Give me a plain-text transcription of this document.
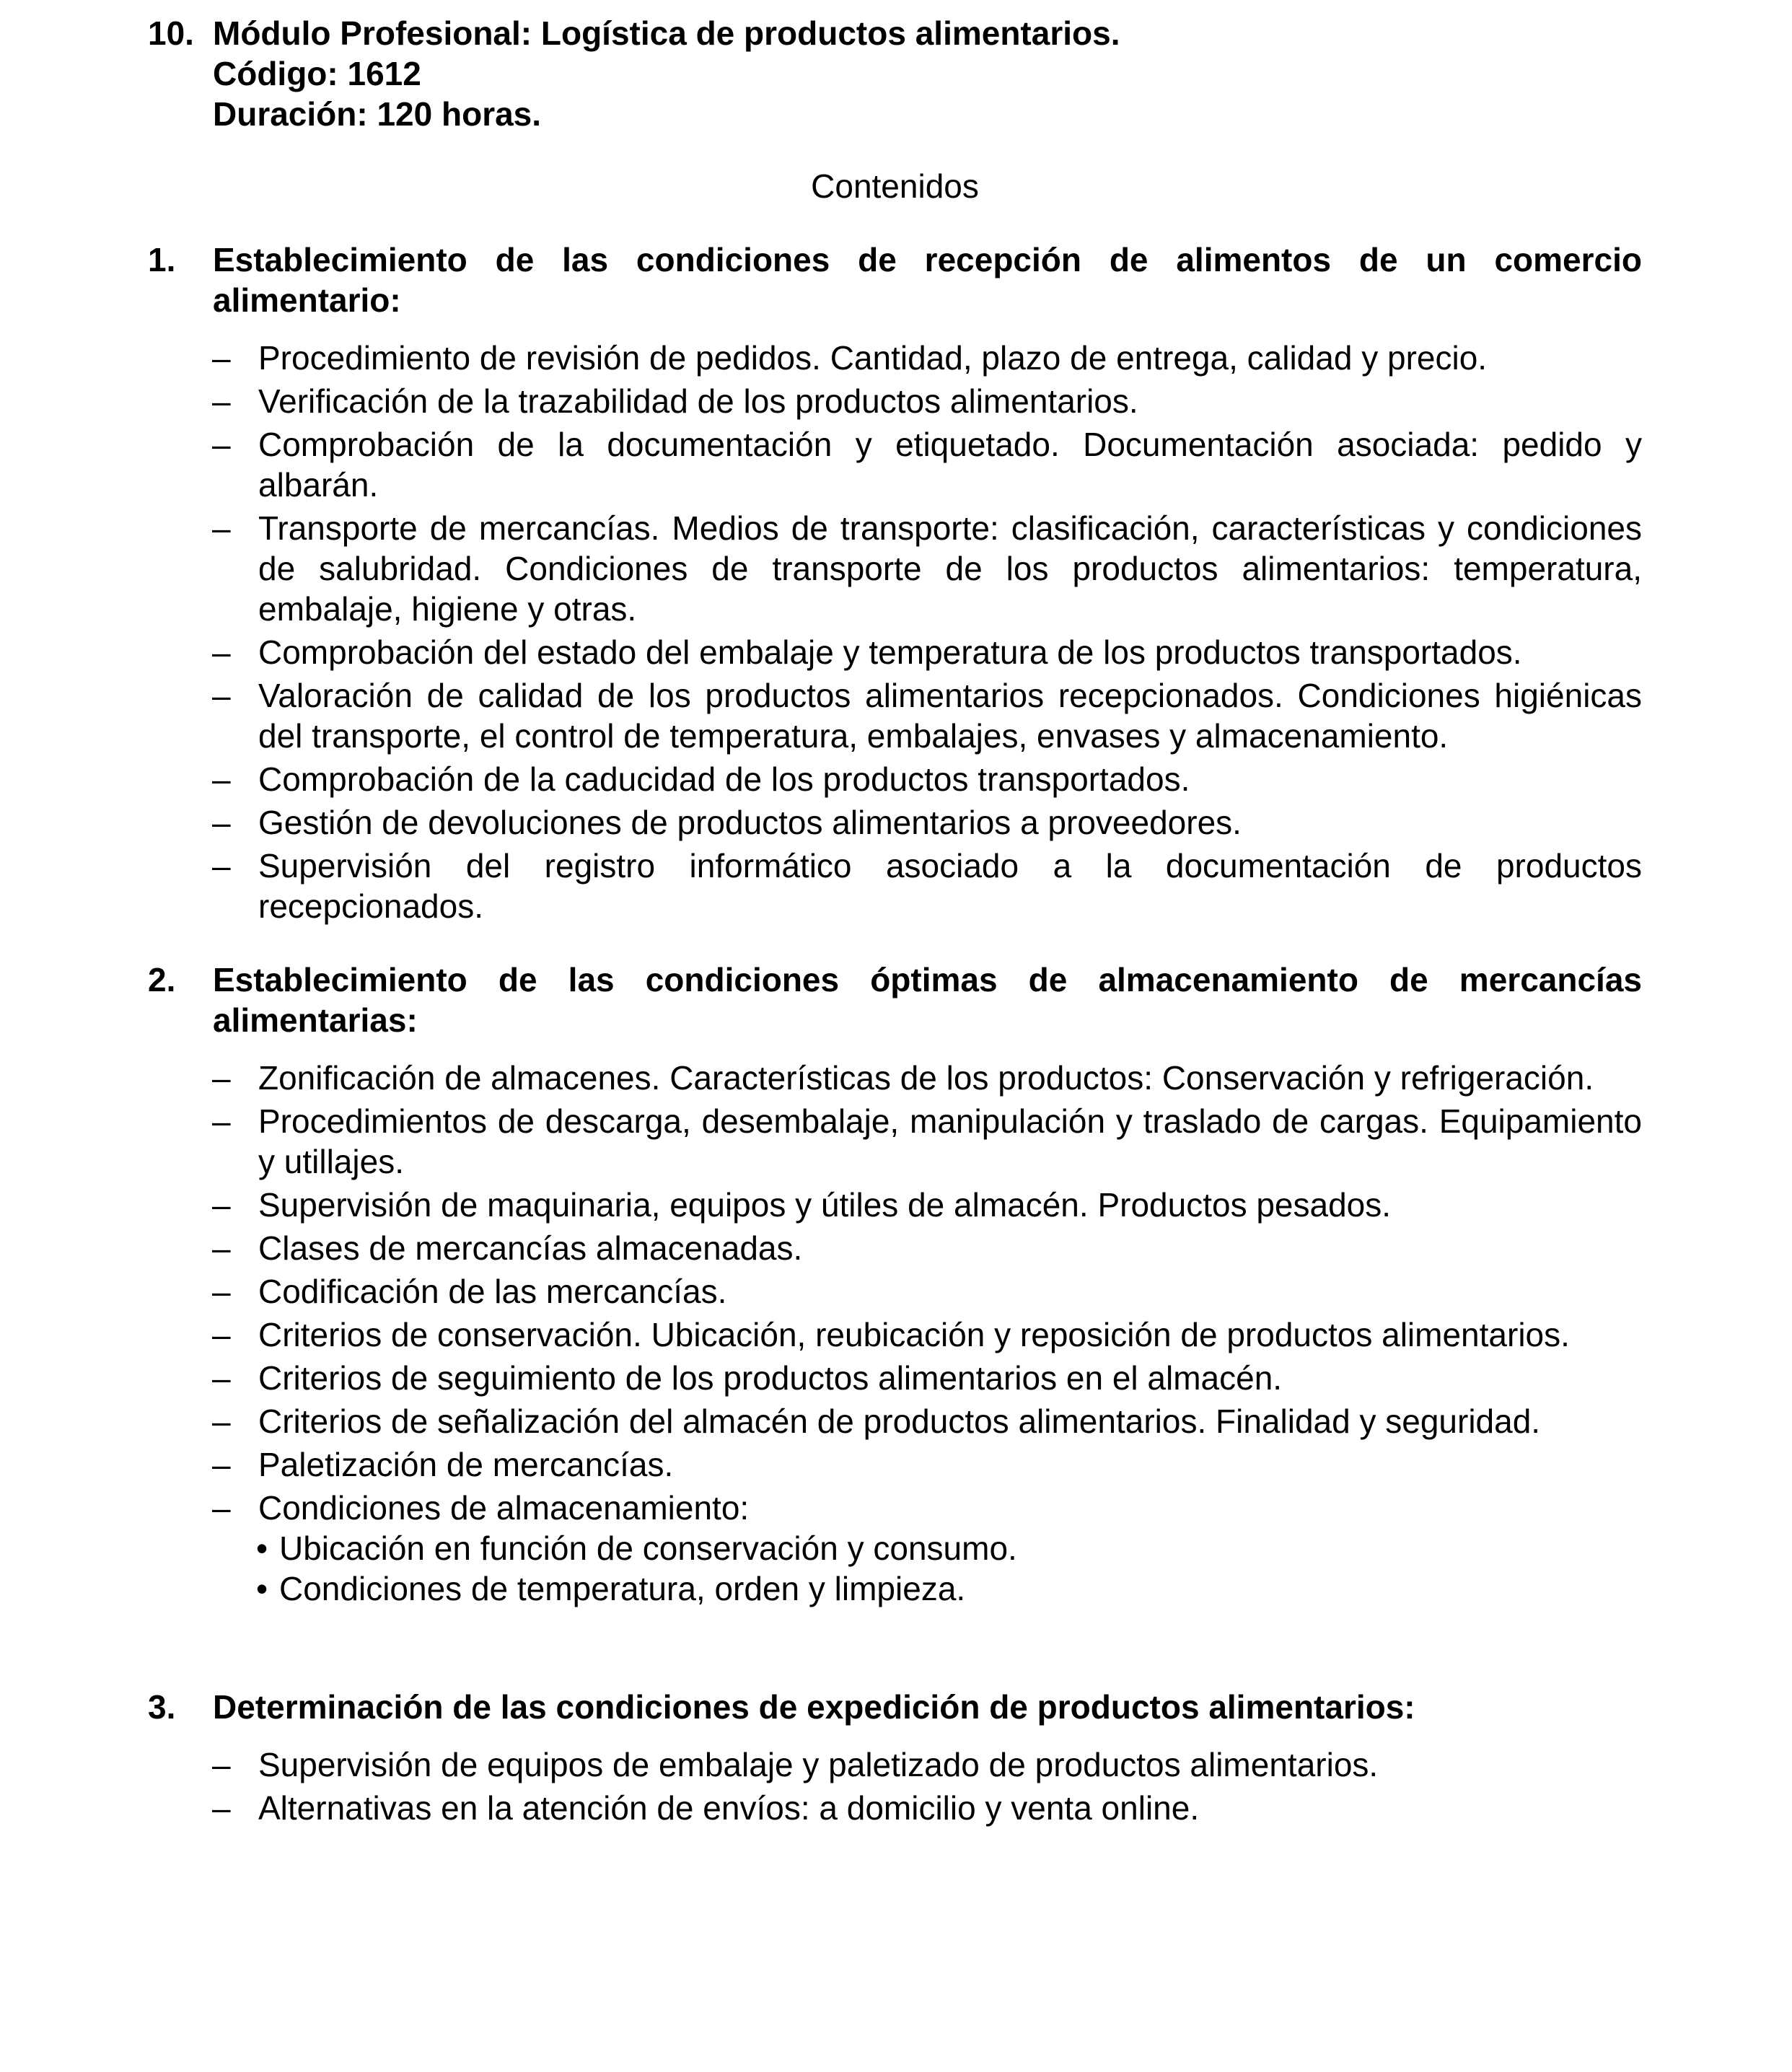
10. Módulo Profesional: Logística de productos alimentarios.
Código: 1612
Duración: 120 horas.
Contenidos
1.	Establecimiento de las condiciones de recepción de alimentos de un comercio alimentario:
– Procedimiento de revisión de pedidos. Cantidad, plazo de entrega, calidad y precio.
– Verificación de la trazabilidad de los productos alimentarios.
– Comprobación de la documentación y etiquetado. Documentación asociada: pedido y albarán.
– Transporte de mercancías. Medios de transporte: clasificación, características y condiciones de salubridad. Condiciones de transporte de los productos alimentarios: temperatura, embalaje, higiene y otras.
– Comprobación del estado del embalaje y temperatura de los productos transportados.
– Valoración de calidad de los productos alimentarios recepcionados. Condiciones higiénicas del transporte, el control de temperatura, embalajes, envases y almacenamiento.
– Comprobación de la caducidad de los productos transportados.
– Gestión de devoluciones de productos alimentarios a proveedores.
– Supervisión del registro informático asociado a la documentación de productos recepcionados.
2.	Establecimiento de las condiciones óptimas de almacenamiento de mercancías alimentarias:
– Zonificación de almacenes. Características de los productos: Conservación y refrigeración.
– Procedimientos de descarga, desembalaje, manipulación y traslado de cargas. Equipamiento y utillajes.
– Supervisión de maquinaria, equipos y útiles de almacén. Productos pesados.
– Clases de mercancías almacenadas.
– Codificación de las mercancías.
– Criterios de conservación. Ubicación, reubicación y reposición de productos alimentarios.
– Criterios de seguimiento de los productos alimentarios en el almacén.
– Criterios de señalización del almacén de productos alimentarios. Finalidad y seguridad.
– Paletización de mercancías.
– Condiciones de almacenamiento:
• Ubicación en función de conservación y consumo.
• Condiciones de temperatura, orden y limpieza.
3.	Determinación de las condiciones de expedición de productos alimentarios:
– Supervisión de equipos de embalaje y paletizado de productos alimentarios.
– Alternativas en la atención de envíos: a domicilio y venta online.
